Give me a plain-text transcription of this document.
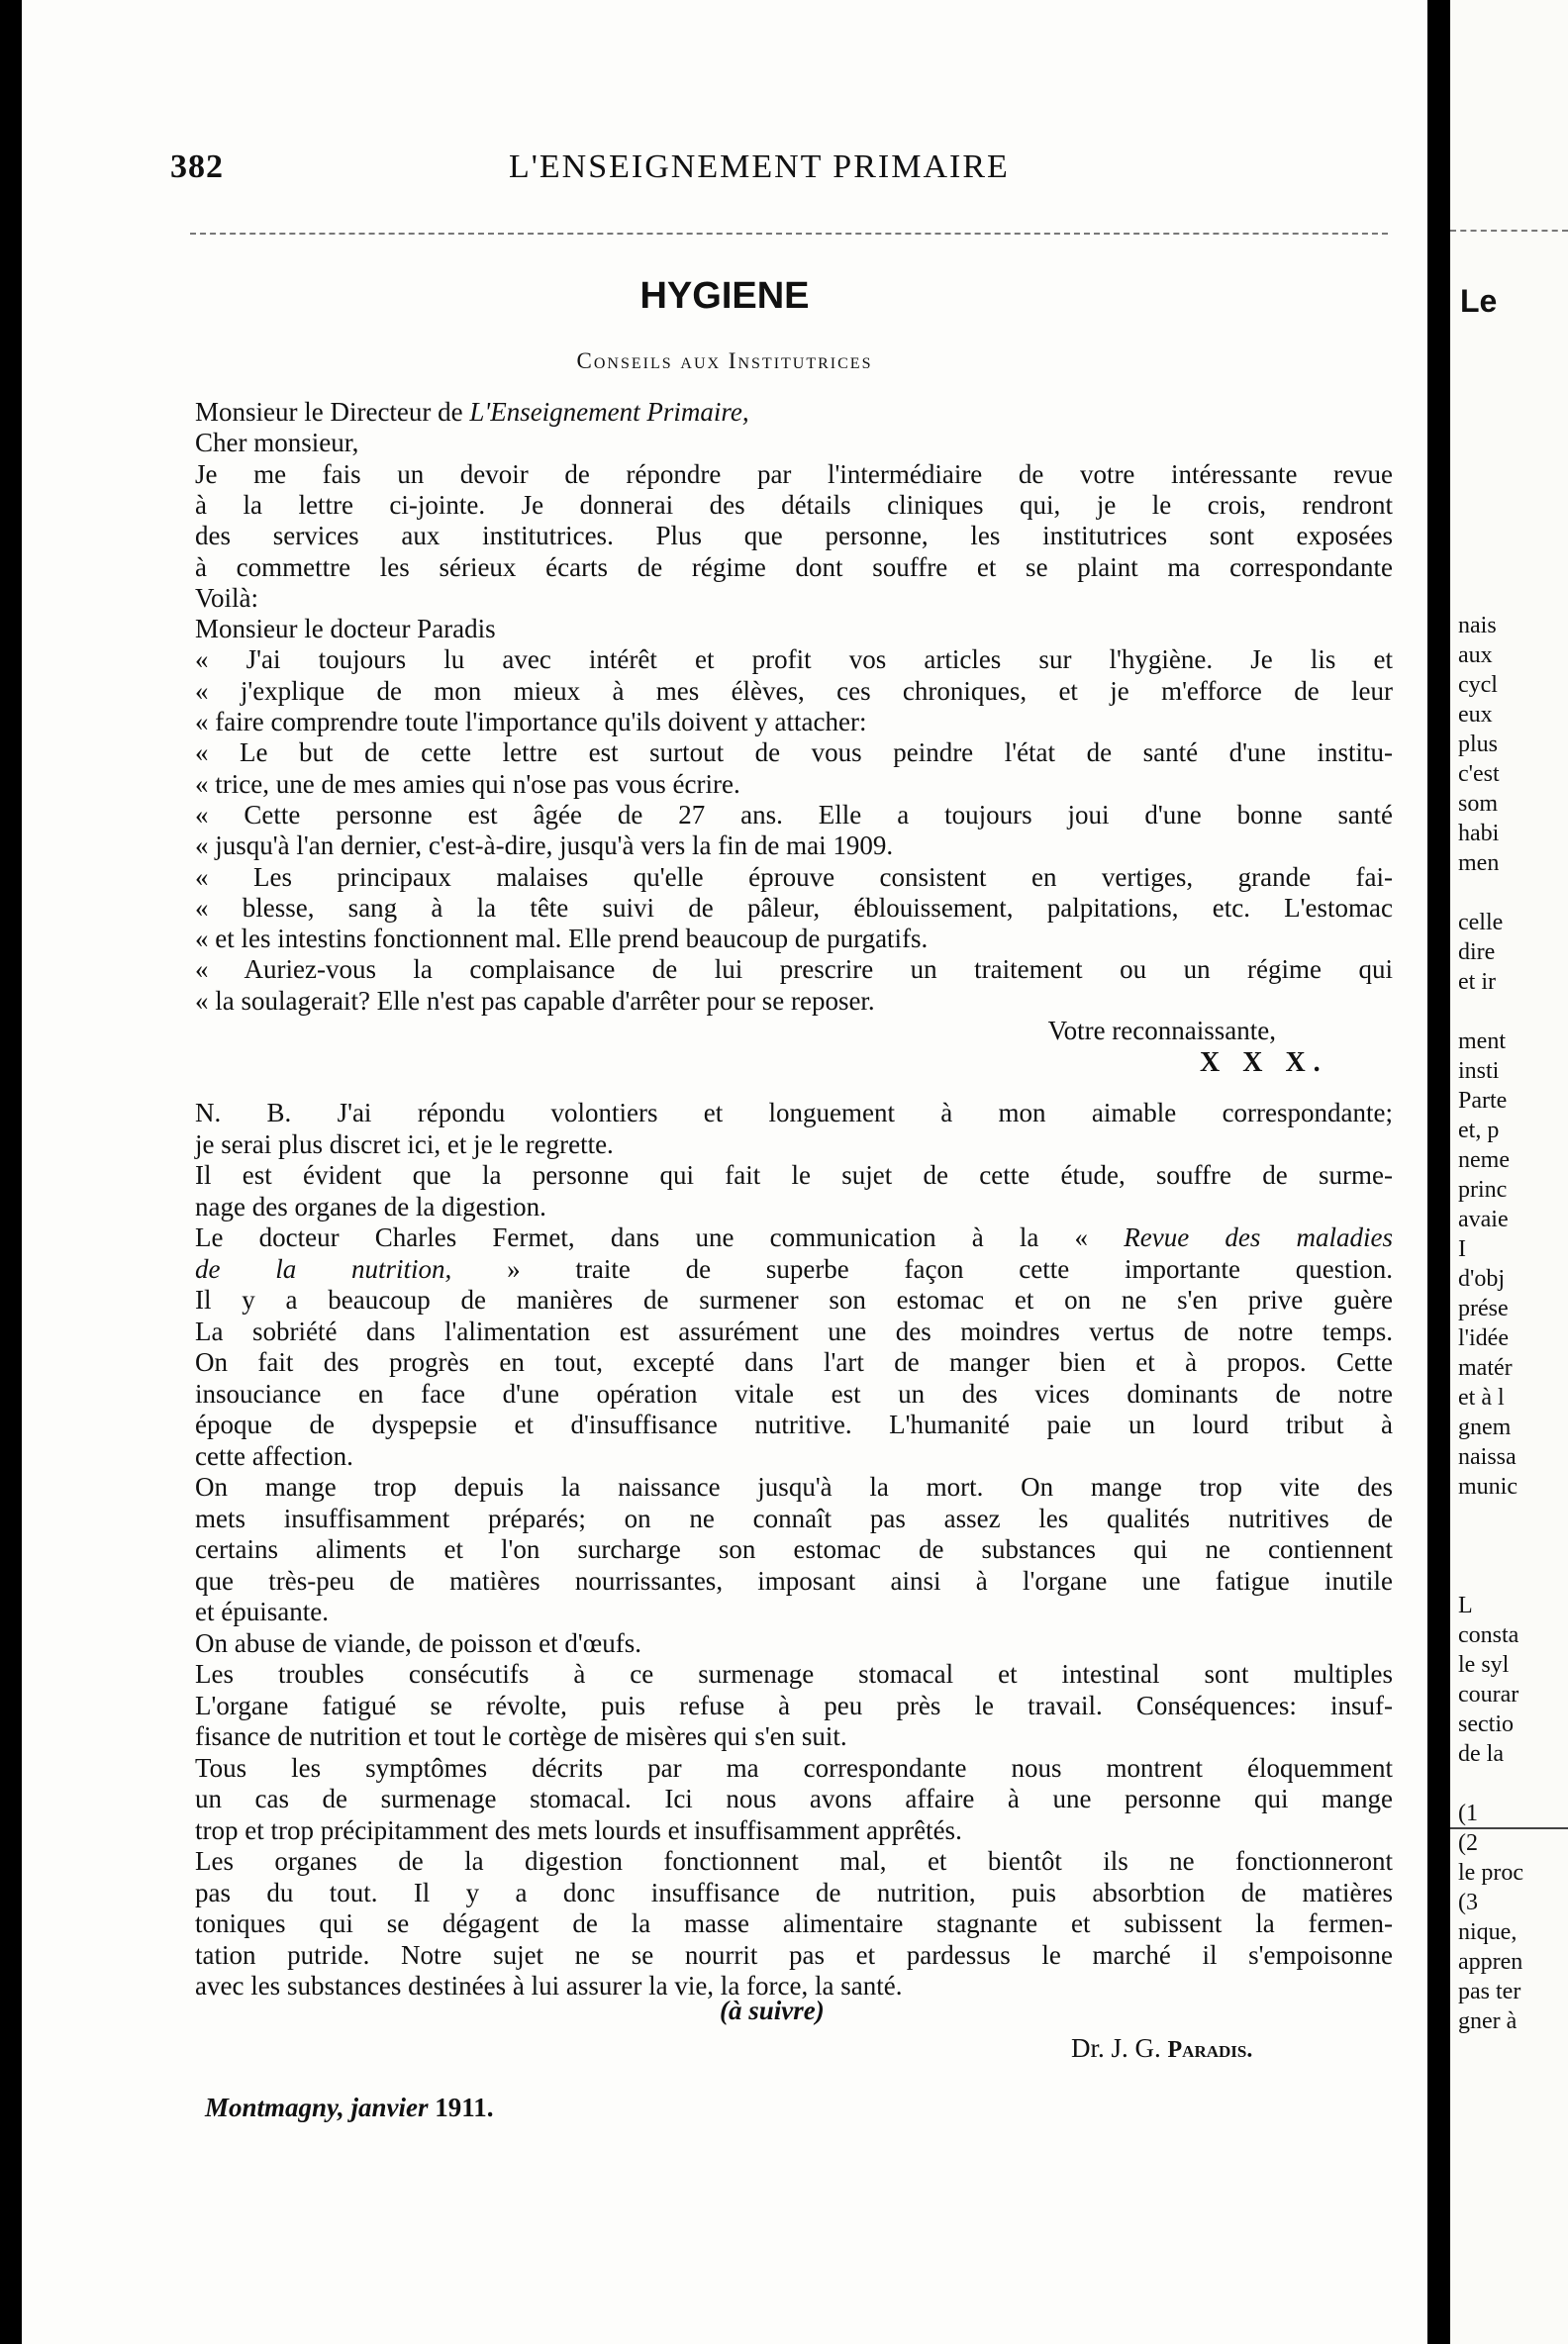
382	L'ENSEIGNEMENT PRIMAIRE
HYGIENE
Conseils aux Institutrices
Monsieur le Directeur de L'Enseignement Primaire,
Cher monsieur,
Je me fais un devoir de répondre par l'intermédiaire de votre intéressante revue
à la lettre ci-jointe. Je donnerai des détails cliniques qui, je le crois, rendront
des services aux institutrices. Plus que personne, les institutrices sont exposées
à commettre les sérieux écarts de régime dont souffre et se plaint ma correspondante
Voilà:
Monsieur le docteur Paradis
« J'ai toujours lu avec intérêt et profit vos articles sur l'hygiène. Je lis et
« j'explique de mon mieux à mes élèves, ces chroniques, et je m'efforce de leur
« faire comprendre toute l'importance qu'ils doivent y attacher:
« Le but de cette lettre est surtout de vous peindre l'état de santé d'une institu-
« trice, une de mes amies qui n'ose pas vous écrire.
« Cette personne est âgée de 27 ans. Elle a toujours joui d'une bonne santé
« jusqu'à l'an dernier, c'est-à-dire, jusqu'à vers la fin de mai 1909.
« Les principaux malaises qu'elle éprouve consistent en vertiges, grande fai-
« blesse, sang à la tête suivi de pâleur, éblouissement, palpitations, etc. L'estomac
« et les intestins fonctionnent mal. Elle prend beaucoup de purgatifs.
« Auriez-vous la complaisance de lui prescrire un traitement ou un régime qui
« la soulagerait? Elle n'est pas capable d'arrêter pour se reposer.
Votre reconnaissante,
X X X.
N. B. J'ai répondu volontiers et longuement à mon aimable correspondante;
je serai plus discret ici, et je le regrette.
Il est évident que la personne qui fait le sujet de cette étude, souffre de surme-
nage des organes de la digestion.
Le docteur Charles Fermet, dans une communication à la « Revue des maladies
de la nutrition, » traite de superbe façon cette importante question.
Il y a beaucoup de manières de surmener son estomac et on ne s'en prive guère
La sobriété dans l'alimentation est assurément une des moindres vertus de notre temps.
On fait des progrès en tout, excepté dans l'art de manger bien et à propos. Cette
insouciance en face d'une opération vitale est un des vices dominants de notre
époque de dyspepsie et d'insuffisance nutritive. L'humanité paie un lourd tribut à
cette affection.
On mange trop depuis la naissance jusqu'à la mort. On mange trop vite des
mets insuffisamment préparés; on ne connaît pas assez les qualités nutritives de
certains aliments et l'on surcharge son estomac de substances qui ne contiennent
que très-peu de matières nourrissantes, imposant ainsi à l'organe une fatigue inutile
et épuisante.
On abuse de viande, de poisson et d'œufs.
Les troubles consécutifs à ce surmenage stomacal et intestinal sont multiples
L'organe fatigué se révolte, puis refuse à peu près le travail. Conséquences: insuf-
fisance de nutrition et tout le cortège de misères qui s'en suit.
Tous les symptômes décrits par ma correspondante nous montrent éloquemment
un cas de surmenage stomacal. Ici nous avons affaire à une personne qui mange
trop et trop précipitamment des mets lourds et insuffisamment apprêtés.
Les organes de la digestion fonctionnent mal, et bientôt ils ne fonctionneront
pas du tout. Il y a donc insuffisance de nutrition, puis absorbtion de matières
toniques qui se dégagent de la masse alimentaire stagnante et subissent la fermen-
tation putride. Notre sujet ne se nourrit pas et pardessus le marché il s'empoisonne
avec les substances destinées à lui assurer la vie, la force, la santé.
(à suivre)
Dr. J. G. Paradis.
Montmagny, janvier 1911.
Le
nais
aux
cycl
eux
plus
c'est
som
habi
men
celle
dire
et ir
ment
insti
Parte
et, p
neme
princ
avaie
I
d'obj
prése
l'idée
matér
et à l
gnem
naissa
munic
L
consta
le syl
courar
sectio
de la
(1
(2
le proc
(3
nique,
appren
pas ter
gner à
